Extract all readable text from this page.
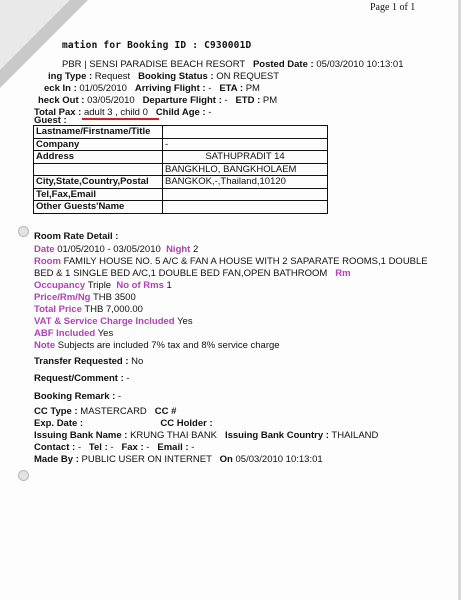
Page 1 of 1
mation for Booking ID : C930001D
PBR | SENSI PARADISE BEACH RESORT Posted Date : 05/03/2010 10:13:01
ing Type : Request Booking Status : ON REQUEST
eck In : 01/05/2010 Arriving Flight : - ETA : PM
heck Out : 03/05/2010 Departure Flight : - ETD : PM
Total Pax : adult 3 , child 0 Child Age : -
Guest :
Lastname/Firstname/Title	
Company	-
Address	SATHUPRADIT 14
	BANGKHLO, BANGKHOLAEM
City,State,Country,Postal	BANGKOK,-,Thailand,10120
Tel,Fax,Email	
Other Guests'Name	
Room Rate Detail :
Date 01/05/2010 - 03/05/2010 Night 2
Room FAMILY HOUSE NO. 5 A/C & FAN A HOUSE WITH 2 SAPARATE ROOMS,1 DOUBLE
BED & 1 SINGLE BED A/C,1 DOUBLE BED FAN,OPEN BATHROOM Rm
Occupancy Triple No of Rms 1
Price/Rm/Ng THB 3500
Total Price THB 7,000.00
VAT & Service Charge Included Yes
ABF Included Yes
Note Subjects are included 7% tax and 8% service charge
Transfer Requested : No
Request/Comment : -
Booking Remark : -
CC Type : MASTERCARD CC #
Exp. Date :	CC Holder :
Issuing Bank Name : KRUNG THAI BANK Issuing Bank Country : THAILAND
Contact : - Tel : - Fax : - Email : -
Made By : PUBLIC USER ON INTERNET On 05/03/2010 10:13:01
